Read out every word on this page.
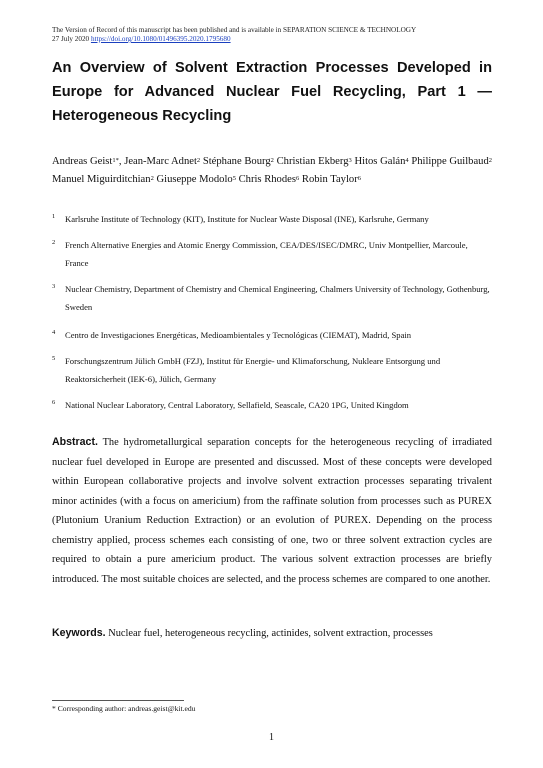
The Version of Record of this manuscript has been published and is available in SEPARATION SCIENCE & TECHNOLOGY
27 July 2020 https://doi.org/10.1080/01496395.2020.1795680
An Overview of Solvent Extraction Processes Developed in Europe for Advanced Nuclear Fuel Recycling, Part 1 — Heterogeneous Recycling
Andreas Geist$^{1*}$, Jean-Marc Adnet$^2$ Stéphane Bourg$^2$ Christian Ekberg$^3$ Hitos Galán$^4$ Philippe Guilbaud$^2$ Manuel Miguirditchian$^2$ Giuseppe Modolo$^5$ Chris Rhodes$^6$ Robin Taylor$^6$
1 Karlsruhe Institute of Technology (KIT), Institute for Nuclear Waste Disposal (INE), Karlsruhe, Germany
2 French Alternative Energies and Atomic Energy Commission, CEA/DES/ISEC/DMRC, Univ Montpellier, Marcoule, France
3 Nuclear Chemistry, Department of Chemistry and Chemical Engineering, Chalmers University of Technology, Gothenburg, Sweden
4 Centro de Investigaciones Energéticas, Medioambientales y Tecnológicas (CIEMAT), Madrid, Spain
5 Forschungszentrum Jülich GmbH (FZJ), Institut für Energie- und Klimaforschung, Nukleare Entsorgung und Reaktorsicherheit (IEK-6), Jülich, Germany
6 National Nuclear Laboratory, Central Laboratory, Sellafield, Seascale, CA20 1PG, United Kingdom
Abstract. The hydrometallurgical separation concepts for the heterogeneous recycling of irradiated nuclear fuel developed in Europe are presented and discussed. Most of these concepts were developed within European collaborative projects and involve solvent extraction processes separating trivalent minor actinides (with a focus on americium) from the raffinate solution from processes such as PUREX (Plutonium Uranium Reduction Extraction) or an evolution of PUREX. Depending on the process chemistry applied, process schemes each consisting of one, two or three solvent extraction cycles are required to obtain a pure americium product. The various solvent extraction processes are briefly introduced. The most suitable choices are selected, and the process schemes are compared to one another.
Keywords. Nuclear fuel, heterogeneous recycling, actinides, solvent extraction, processes
* Corresponding author: andreas.geist@kit.edu
1
